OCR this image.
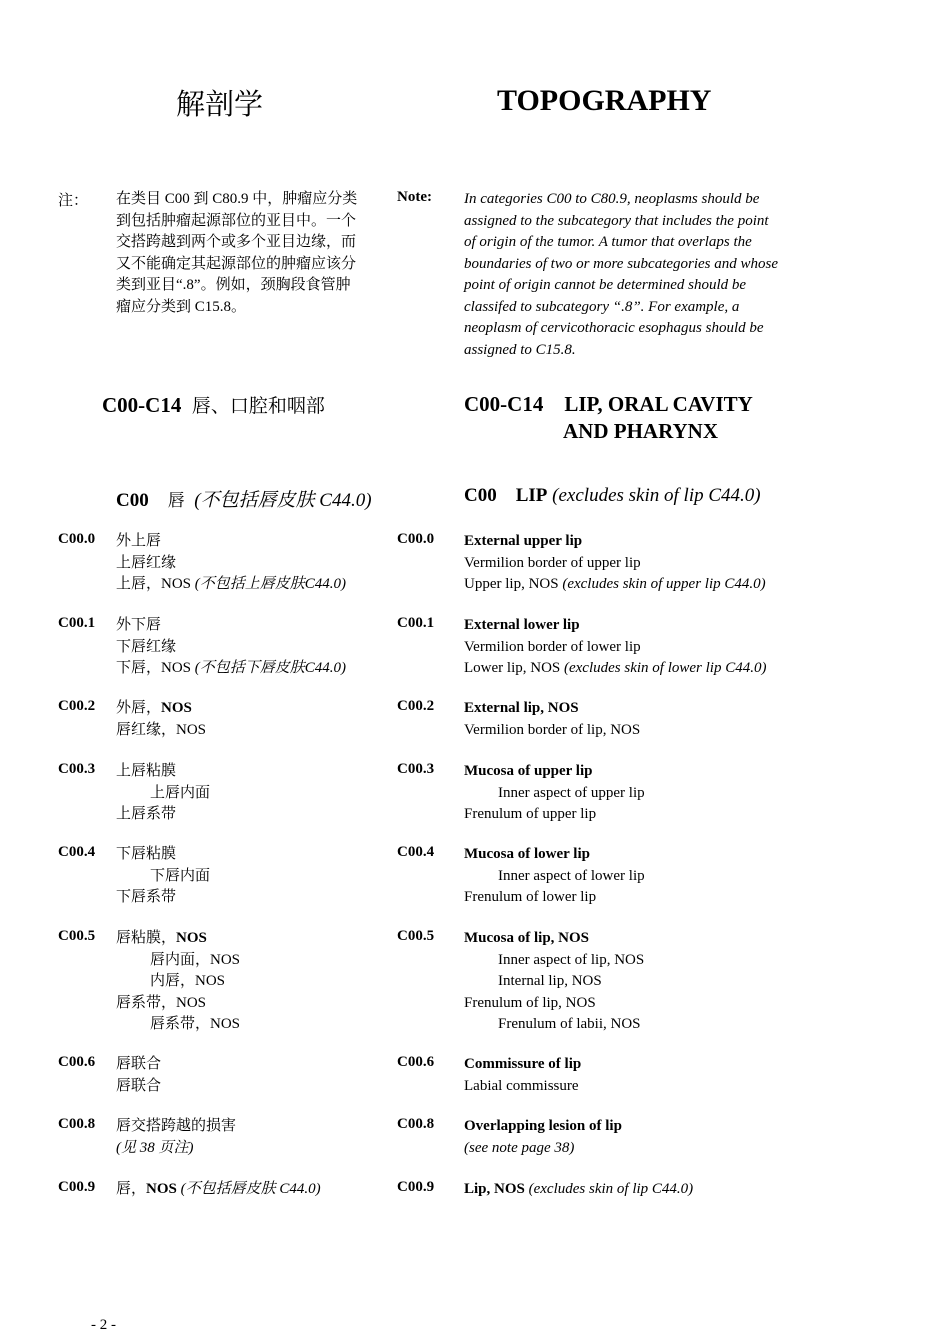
解剖学	TOPOGRAPHY
注： 在类目 C00 到 C80.9 中，肿瘤应分类
到包括肿瘤起源部位的亚目中。一个
交搭跨越到两个或多个亚目边缘，而
又不能确定其起源部位的肿瘤应该分
类到亚目“.8”。例如，颈胸段食管肿
瘤应分类到 C15.8。
Note: In categories C00 to C80.9, neoplasms should be
assigned to the subcategory that includes the point
of origin of the tumor. A tumor that overlaps the
boundaries of two or more subcategories and whose
point of origin cannot be determined should be
classifed to subcategory “.8”. For example, a
neoplasm of cervicothoracic esophagus should be
assigned to C15.8.
C00-C14 唇、口腔和咽部	C00-C14 LIP, ORAL CAVITY
AND PHARYNX
C00 唇 (不包括唇皮肤 C44.0)	C00 LIP (excludes skin of lip C44.0)
C00.0 外上唇
上唇红缘
上唇，NOS (不包括上唇皮肤C44.0)
C00.0 External upper lip
Vermilion border of upper lip
Upper lip, NOS (excludes skin of upper lip C44.0)
C00.1 外下唇
下唇红缘
下唇，NOS (不包括下唇皮肤C44.0)
C00.1 External lower lip
Vermilion border of lower lip
Lower lip, NOS (excludes skin of lower lip C44.0)
C00.2 外唇，NOS
唇红缘，NOS
C00.2 External lip, NOS
Vermilion border of lip, NOS
C00.3 上唇粘膜
上唇内面
上唇系带
C00.3 Mucosa of upper lip
Inner aspect of upper lip
Frenulum of upper lip
C00.4 下唇粘膜
下唇内面
下唇系带
C00.4 Mucosa of lower lip
Inner aspect of lower lip
Frenulum of lower lip
C00.5 唇粘膜，NOS
唇内面，NOS
内唇，NOS
唇系带，NOS
唇系带，NOS
C00.5 Mucosa of lip, NOS
Inner aspect of lip, NOS
Internal lip, NOS
Frenulum of lip, NOS
Frenulum of labii, NOS
C00.6 唇联合
唇联合
C00.6 Commissure of lip
Labial commissure
C00.8 唇交搭跨越的损害
(见 38 页注)
C00.8 Overlapping lesion of lip
(see note page 38)
C00.9 唇，NOS (不包括唇皮肤 C44.0)	C00.9 Lip, NOS (excludes skin of lip C44.0)
- 2 -
